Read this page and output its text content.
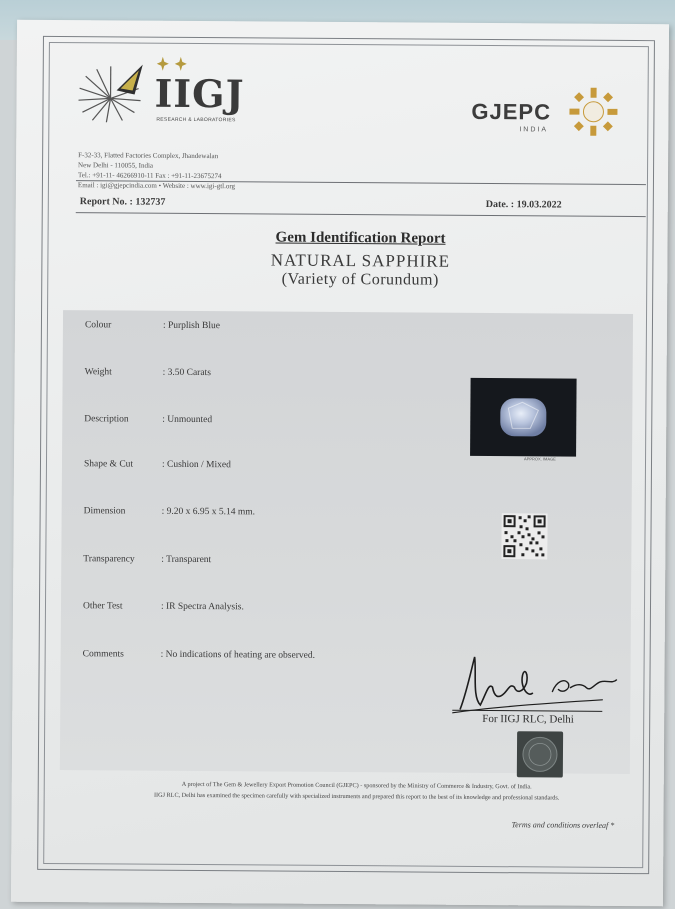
IIGJ
RESEARCH & LABORATORIES	GJEPC
INDIA
F-32-33, Flatted Factories Complex, Jhandewalan
New Delhi - 110055, India
Tel.: +91-11- 46266910-11 Fax : +91-11-23675274
Email : igi@gjepcindia.com • Website : www.igi-gtl.org
Report No. : 132737	Date. : 19.03.2022
Gem Identification Report
NATURAL SAPPHIRE
(Variety of Corundum)
Colour	: Purplish Blue
Weight	: 3.50 Carats
Description	: Unmounted
Shape & Cut	: Cushion / Mixed
Dimension	: 9.20 x 6.95 x 5.14 mm.
Transparency	: Transparent
Other Test	: IR Spectra Analysis.
Comments	: No indications of heating are observed.
APPROX. IMAGE
For IIGJ RLC, Delhi
A project of The Gem & Jewellery Export Promotion Council (GJEPC) - sponsored by the Ministry of Commerce & Industry, Govt. of India.
IIGJ RLC, Delhi has examined the specimen carefully with specialized instruments and prepared this report to the best of its knowledge and professional standards.
Terms and conditions overleaf *
